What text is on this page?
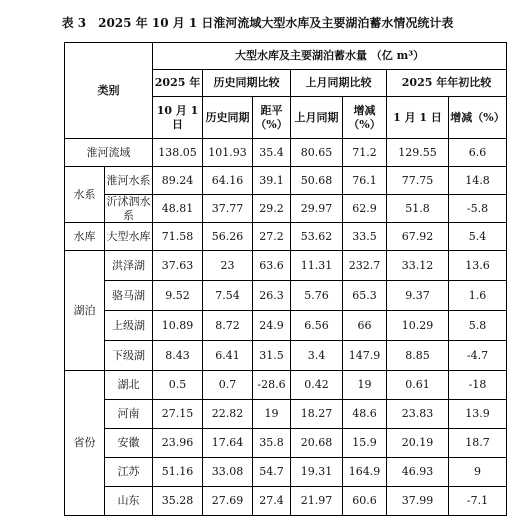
表 3　2025 年 10 月 1 日淮河流域大型水库及主要湖泊蓄水情况统计表
类别		大型水库及主要湖泊蓄水量 （亿 m³）						
		2025 年	历史同期比较		上月同期比较		2025 年年初比较	
		10 月 1 日	历史同期	距平（%）	上月同期	增减（%）	1 月 1 日	增减（%）
淮河流域		138.05	101.93	35.4	80.65	71.2	129.55	6.6
水系	淮河水系	89.24	64.16	39.1	50.68	76.1	77.75	14.8
	沂沭泗水系	48.81	37.77	29.2	29.97	62.9	51.8	-5.8
水库	大型水库	71.58	56.26	27.2	53.62	33.5	67.92	5.4
湖泊	洪泽湖	37.63	23	63.6	11.31	232.7	33.12	13.6
	骆马湖	9.52	7.54	26.3	5.76	65.3	9.37	1.6
	上级湖	10.89	8.72	24.9	6.56	66	10.29	5.8
	下级湖	8.43	6.41	31.5	3.4	147.9	8.85	-4.7
省份	湖北	0.5	0.7	-28.6	0.42	19	0.61	-18
	河南	27.15	22.82	19	18.27	48.6	23.83	13.9
	安徽	23.96	17.64	35.8	20.68	15.9	20.19	18.7
	江苏	51.16	33.08	54.7	19.31	164.9	46.93	9
	山东	35.28	27.69	27.4	21.97	60.6	37.99	-7.1
